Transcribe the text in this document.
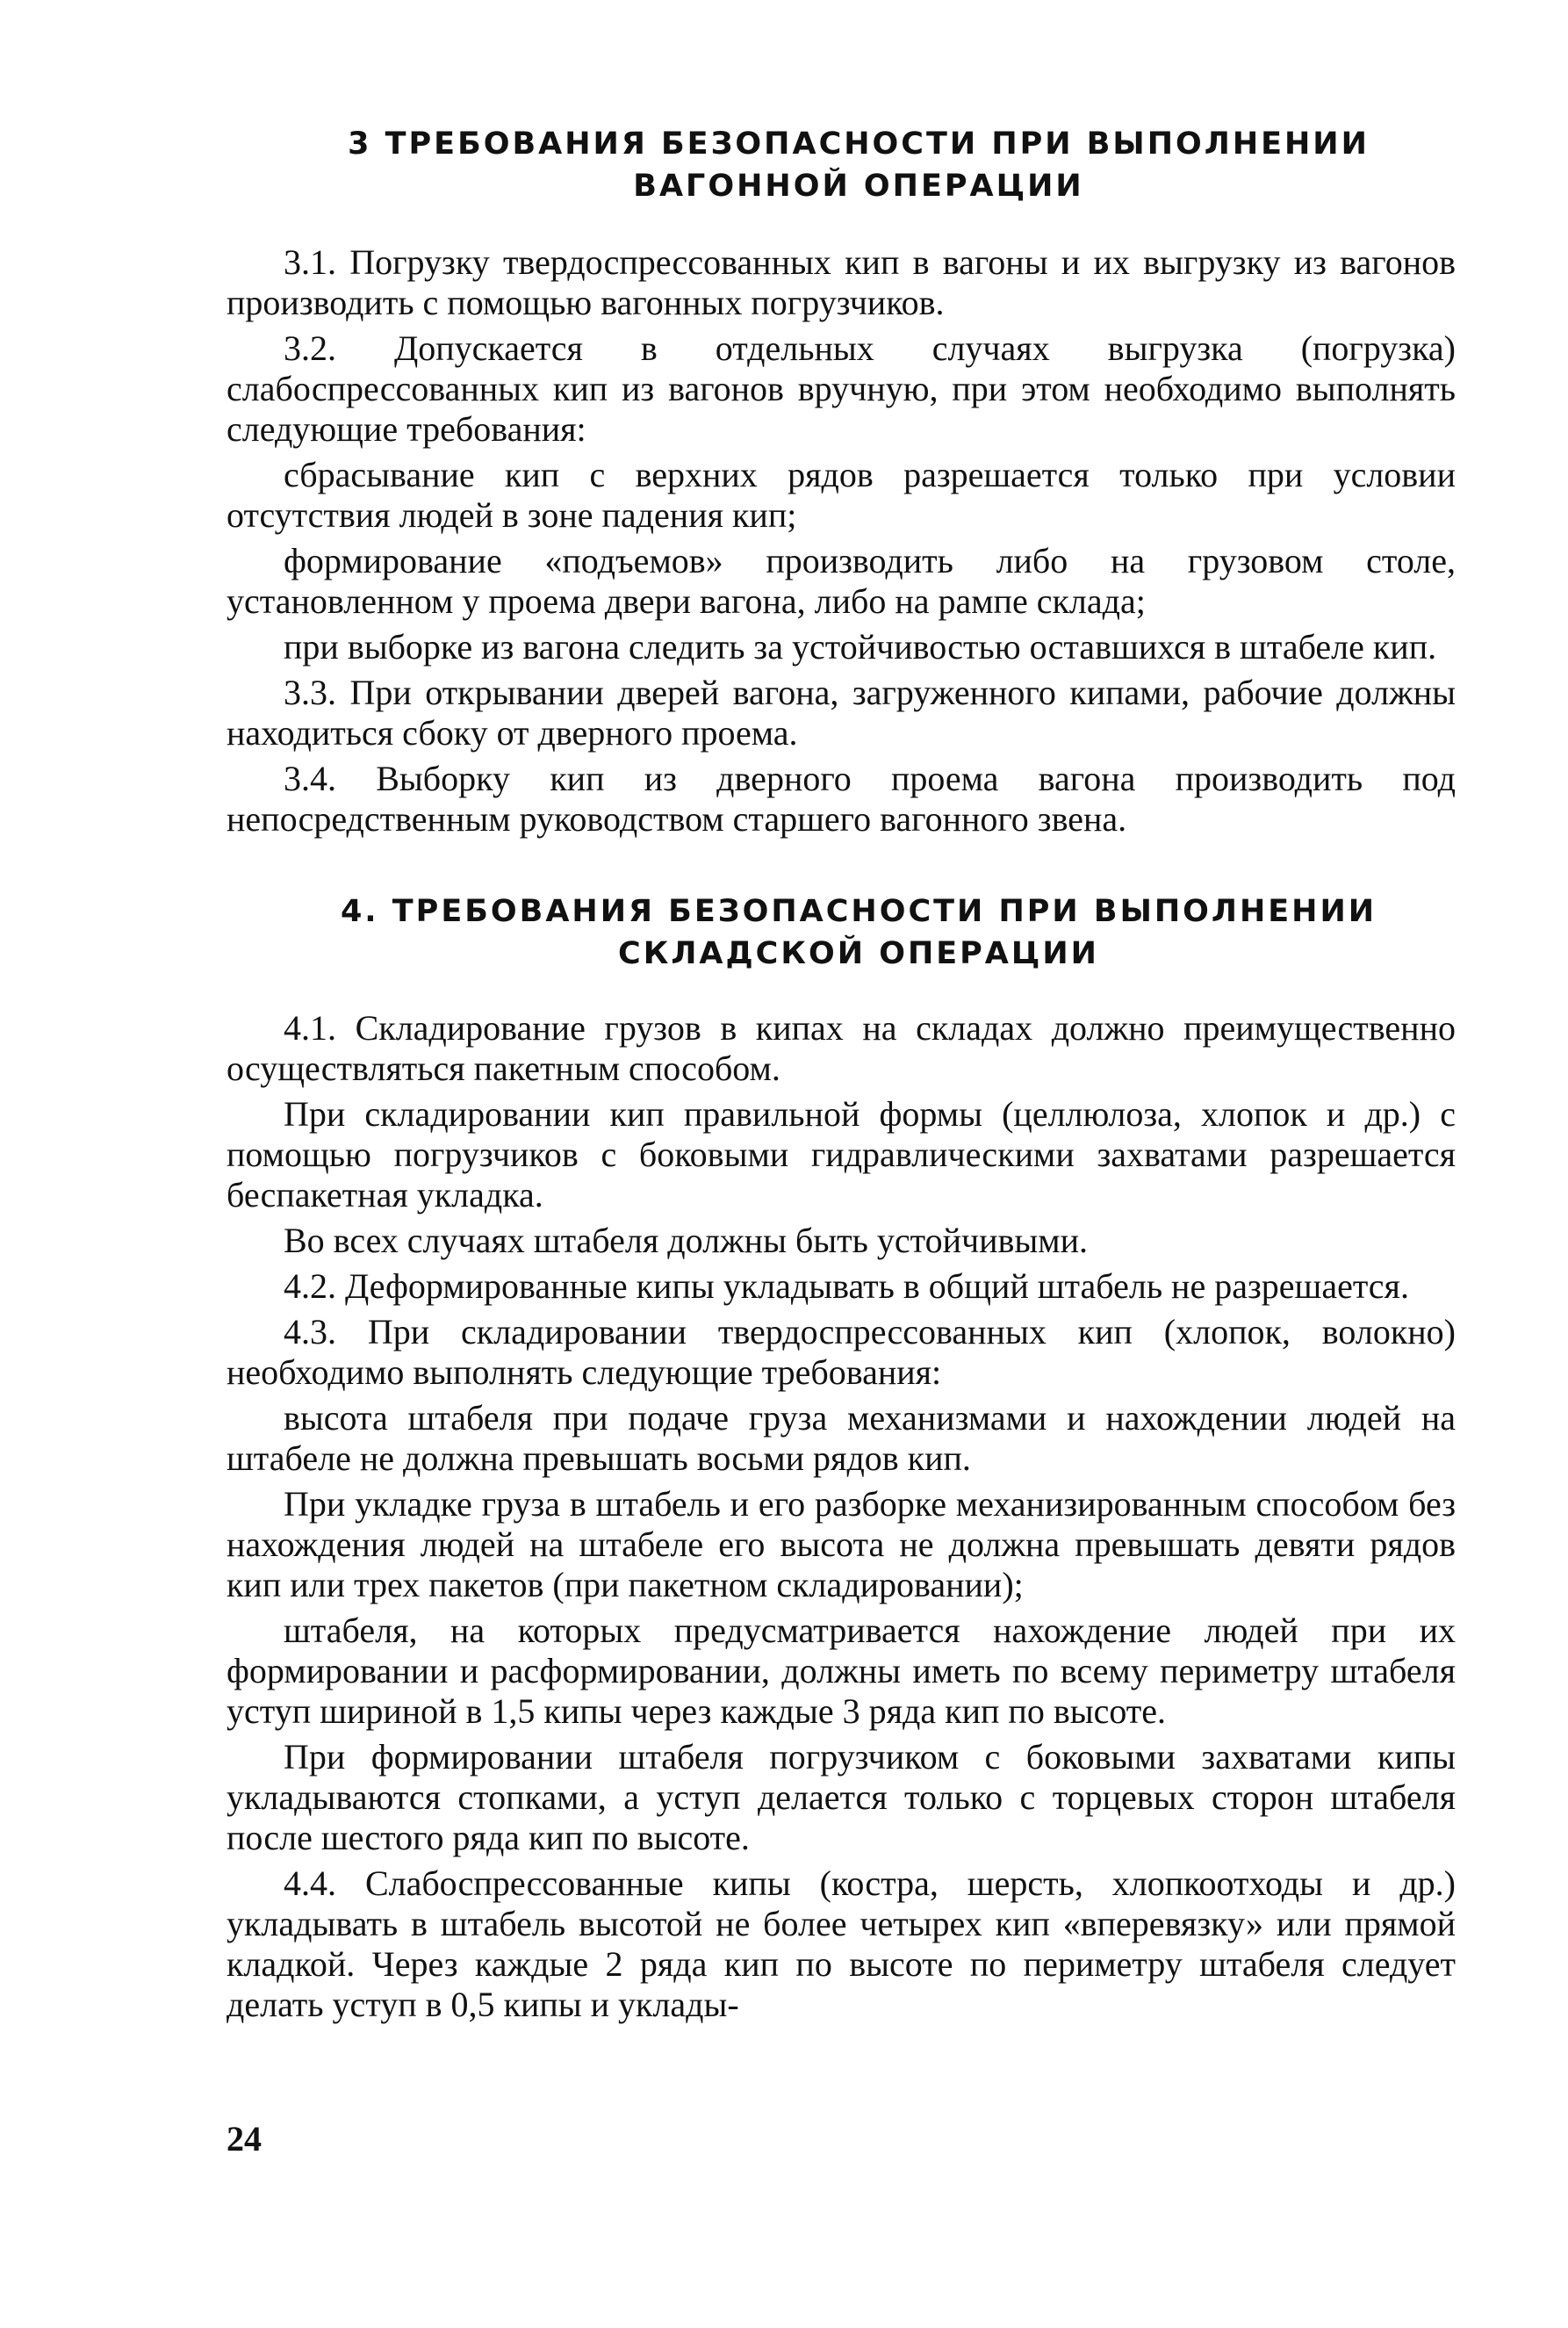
3 ТРЕБОВАНИЯ БЕЗОПАСНОСТИ ПРИ ВЫПОЛНЕНИИ
ВАГОННОЙ ОПЕРАЦИИ

3.1. Погрузку твердоспрессованных кип в вагоны и их выгрузку из вагонов производить с помощью вагонных погрузчиков.

3.2. Допускается в отдельных случаях выгрузка (погрузка) слабоспрессованных кип из вагонов вручную, при этом необходимо выполнять следующие требования:

сбрасывание кип с верхних рядов разрешается только при условии отсутствия людей в зоне падения кип;

формирование «подъемов» производить либо на грузовом столе, установленном у проема двери вагона, либо на рампе склада;

при выборке из вагона следить за устойчивостью оставшихся в штабеле кип.

3.3. При открывании дверей вагона, загруженного кипами, рабочие должны находиться сбоку от дверного проема.

3.4. Выборку кип из дверного проема вагона производить под непосредственным руководством старшего вагонного звена.

4. ТРЕБОВАНИЯ БЕЗОПАСНОСТИ ПРИ ВЫПОЛНЕНИИ
СКЛАДСКОЙ ОПЕРАЦИИ

4.1. Складирование грузов в кипах на складах должно преимущественно осуществляться пакетным способом.

При складировании кип правильной формы (целлюлоза, хлопок и др.) с помощью погрузчиков с боковыми гидравлическими захватами разрешается беспакетная укладка.

Во всех случаях штабеля должны быть устойчивыми.

4.2. Деформированные кипы укладывать в общий штабель не разрешается.

4.3. При складировании твердоспрессованных кип (хлопок, волокно) необходимо выполнять следующие требования:

высота штабеля при подаче груза механизмами и нахождении людей на штабеле не должна превышать восьми рядов кип.

При укладке груза в штабель и его разборке механизированным способом без нахождения людей на штабеле его высота не должна превышать девяти рядов кип или трех пакетов (при пакетном складировании);

штабеля, на которых предусматривается нахождение людей при их формировании и расформировании, должны иметь по всему периметру штабеля уступ шириной в 1,5 кипы через каждые 3 ряда кип по высоте.

При формировании штабеля погрузчиком с боковыми захватами кипы укладываются стопками, а уступ делается только с торцевых сторон штабеля после шестого ряда кип по высоте.

4.4. Слабоспрессованные кипы (костра, шерсть, хлопкоотходы и др.) укладывать в штабель высотой не более четырех кип «вперевязку» или прямой кладкой. Через каждые 2 ряда кип по высоте по периметру штабеля следует делать уступ в 0,5 кипы и уклады-

24
